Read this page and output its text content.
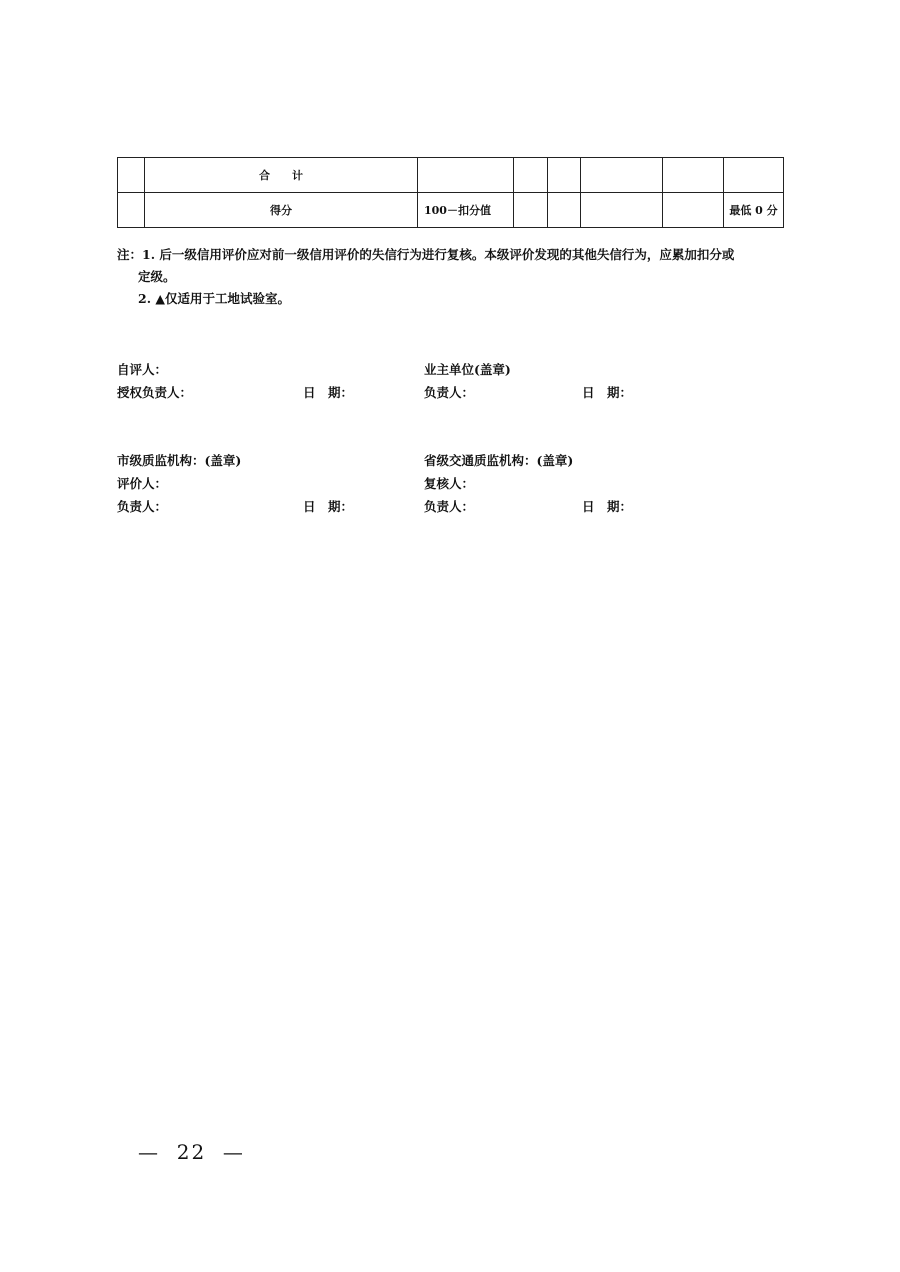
	合　　计						
	得分	100－扣分值					最低 0 分
注：1. 后一级信用评价应对前一级信用评价的失信行为进行复核。本级评价发现的其他失信行为，应累加扣分或
定级。
2. ▲仅适用于工地试验室。
自评人：
授权负责人：	日　期：
业主单位(盖章)
负责人：	日　期：
市级质监机构：(盖章)
评价人：
负责人：	日　期：
省级交通质监机构：(盖章)
复核人：
负责人：	日　期：
—  22  —
